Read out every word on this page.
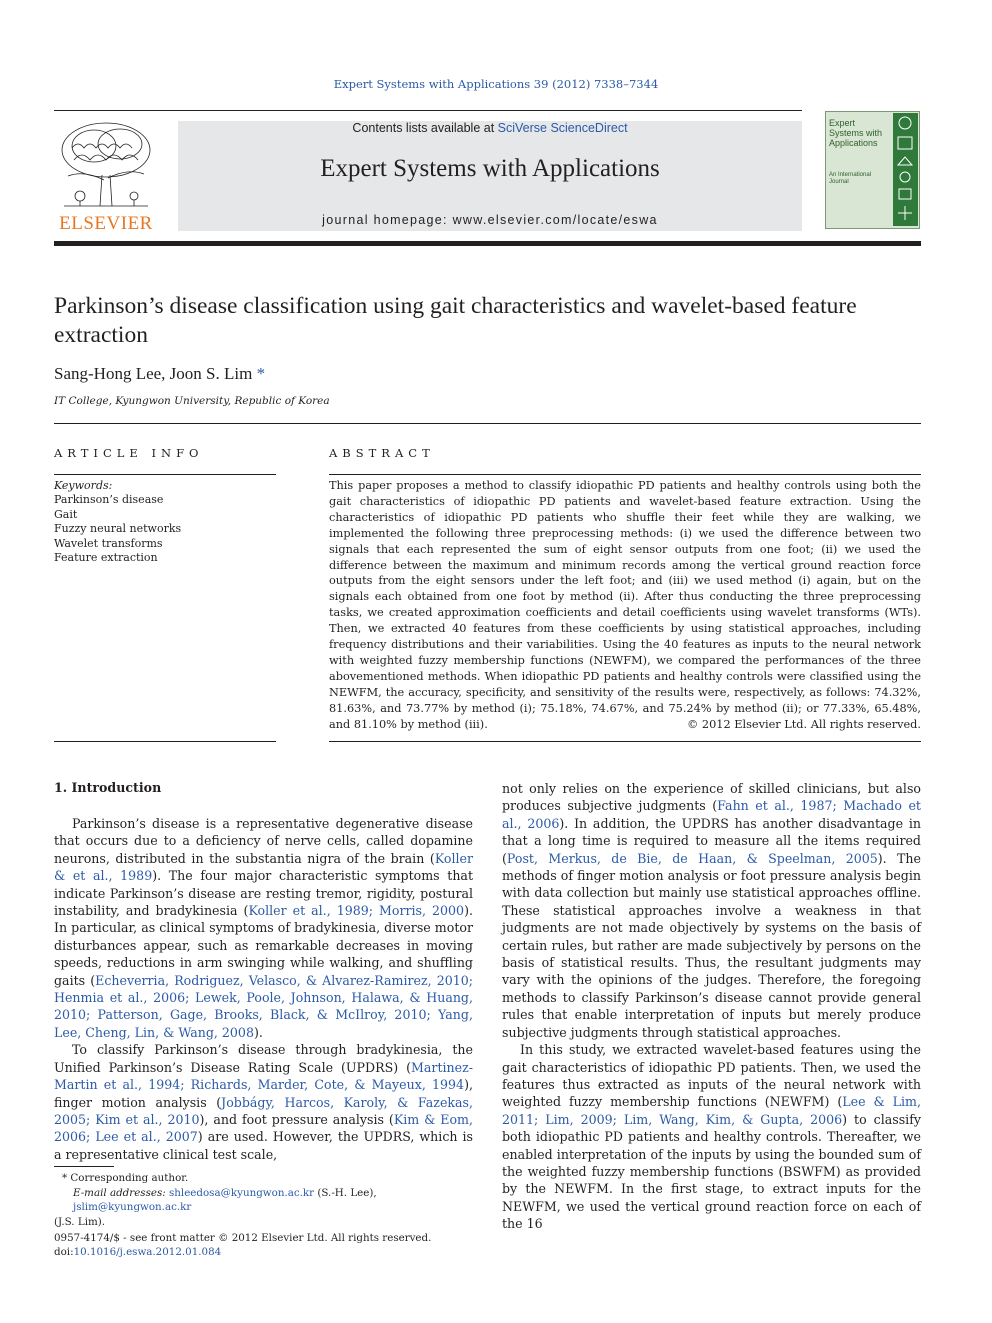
Expert Systems with Applications 39 (2012) 7338–7344
ELSEVIER
Contents lists available at SciVerse ScienceDirect
Expert Systems with Applications
journal homepage: www.elsevier.com/locate/eswa
Expert Systems with Applications
An International Journal
Parkinson’s disease classification using gait characteristics and wavelet-based feature extraction
Sang-Hong Lee, Joon S. Lim *
IT College, Kyungwon University, Republic of Korea
ARTICLE INFO
Keywords:
Parkinson’s disease
Gait
Fuzzy neural networks
Wavelet transforms
Feature extraction
ABSTRACT
This paper proposes a method to classify idiopathic PD patients and healthy controls using both the gait characteristics of idiopathic PD patients and wavelet-based feature extraction. Using the characteristics of idiopathic PD patients who shuffle their feet while they are walking, we implemented the following three preprocessing methods: (i) we used the difference between two signals that each represented the sum of eight sensor outputs from one foot; (ii) we used the difference between the maximum and minimum records among the vertical ground reaction force outputs from the eight sensors under the left foot; and (iii) we used method (i) again, but on the signals each obtained from one foot by method (ii). After thus conducting the three preprocessing tasks, we created approximation coefficients and detail coefficients using wavelet transforms (WTs). Then, we extracted 40 features from these coefficients by using statistical approaches, including frequency distributions and their variabilities. Using the 40 features as inputs to the neural network with weighted fuzzy membership functions (NEWFM), we compared the performances of the three abovementioned methods. When idiopathic PD patients and healthy controls were classified using the NEWFM, the accuracy, specificity, and sensitivity of the results were, respectively, as follows: 74.32%, 81.63%, and 73.77% by method (i); 75.18%, 74.67%, and 75.24% by method (ii); or 77.33%, 65.48%, and 81.10% by method (iii).	© 2012 Elsevier Ltd. All rights reserved.
1. Introduction

Parkinson’s disease is a representative degenerative disease that occurs due to a deficiency of nerve cells, called dopamine neurons, distributed in the substantia nigra of the brain (Koller & et al., 1989). The four major characteristic symptoms that indicate Parkinson’s disease are resting tremor, rigidity, postural instability, and bradykinesia (Koller et al., 1989; Morris, 2000). In particular, as clinical symptoms of bradykinesia, diverse motor disturbances appear, such as remarkable decreases in moving speeds, reductions in arm swinging while walking, and shuffling gaits (Echeverria, Rodriguez, Velasco, & Alvarez-Ramirez, 2010; Henmia et al., 2006; Lewek, Poole, Johnson, Halawa, & Huang, 2010; Patterson, Gage, Brooks, Black, & McIlroy, 2010; Yang, Lee, Cheng, Lin, & Wang, 2008).

To classify Parkinson’s disease through bradykinesia, the Unified Parkinson’s Disease Rating Scale (UPDRS) (Martinez-Martin et al., 1994; Richards, Marder, Cote, & Mayeux, 1994), finger motion analysis (Jobbágy, Harcos, Karoly, & Fazekas, 2005; Kim et al., 2010), and foot pressure analysis (Kim & Eom, 2006; Lee et al., 2007) are used. However, the UPDRS, which is a representative clinical test scale,

not only relies on the experience of skilled clinicians, but also produces subjective judgments (Fahn et al., 1987; Machado et al., 2006). In addition, the UPDRS has another disadvantage in that a long time is required to measure all the items required (Post, Merkus, de Bie, de Haan, & Speelman, 2005). The methods of finger motion analysis or foot pressure analysis begin with data collection but mainly use statistical approaches offline. These statistical approaches involve a weakness in that judgments are not made objectively by systems on the basis of certain rules, but rather are made subjectively by persons on the basis of statistical results. Thus, the resultant judgments may vary with the opinions of the judges. Therefore, the foregoing methods to classify Parkinson’s disease cannot provide general rules that enable interpretation of inputs but merely produce subjective judgments through statistical approaches.

In this study, we extracted wavelet-based features using the gait characteristics of idiopathic PD patients. Then, we used the features thus extracted as inputs of the neural network with weighted fuzzy membership functions (NEWFM) (Lee & Lim, 2011; Lim, 2009; Lim, Wang, Kim, & Gupta, 2006) to classify both idiopathic PD patients and healthy controls. Thereafter, we enabled interpretation of the inputs by using the bounded sum of the weighted fuzzy membership functions (BSWFM) as provided by the NEWFM. In the first stage, to extract inputs for the NEWFM, we used the vertical ground reaction force on each of the 16

* Corresponding author.
E-mail addresses: shleedosa@kyungwon.ac.kr (S.-H. Lee), jslim@kyungwon.ac.kr
(J.S. Lim).
0957-4174/$ - see front matter © 2012 Elsevier Ltd. All rights reserved.
doi:10.1016/j.eswa.2012.01.084
